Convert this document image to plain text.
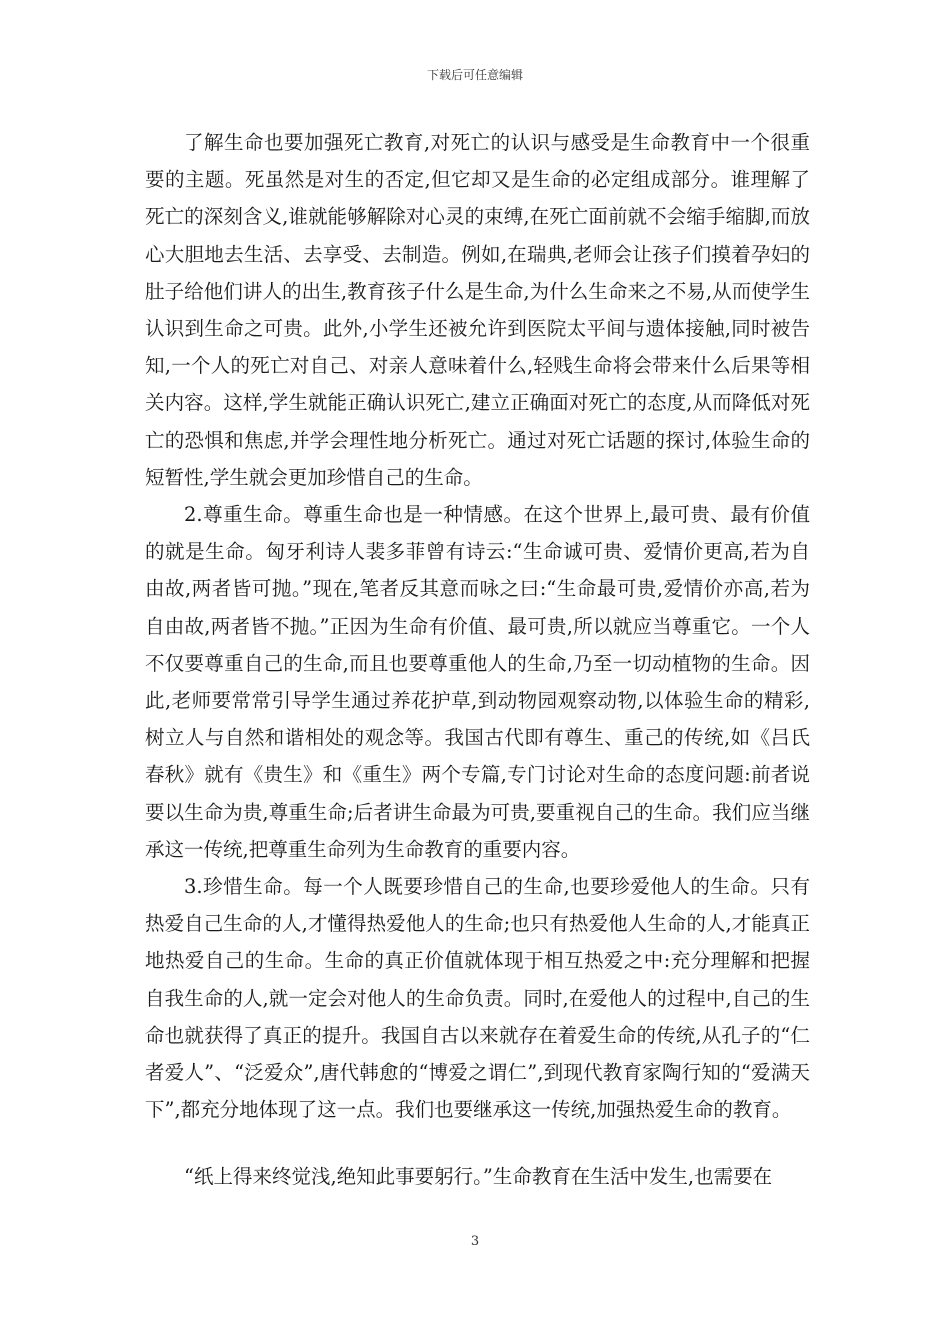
下载后可任意编辑

了解生命也要加强死亡教育,对死亡的认识与感受是生命教育中一个很重要的主题。死虽然是对生的否定,但它却又是生命的必定组成部分。谁理解了死亡的深刻含义,谁就能够解除对心灵的束缚,在死亡面前就不会缩手缩脚,而放心大胆地去生活、去享受、去制造。例如,在瑞典,老师会让孩子们摸着孕妇的肚子给他们讲人的出生,教育孩子什么是生命,为什么生命来之不易,从而使学生认识到生命之可贵。此外,小学生还被允许到医院太平间与遗体接触,同时被告知,一个人的死亡对自己、对亲人意味着什么,轻贱生命将会带来什么后果等相关内容。这样,学生就能正确认识死亡,建立正确面对死亡的态度,从而降低对死亡的恐惧和焦虑,并学会理性地分析死亡。通过对死亡话题的探讨,体验生命的短暂性,学生就会更加珍惜自己的生命。

2.尊重生命。尊重生命也是一种情感。在这个世界上,最可贵、最有价值的就是生命。匈牙利诗人裴多菲曾有诗云:“生命诚可贵、爱情价更高,若为自由故,两者皆可抛。”现在,笔者反其意而咏之曰:“生命最可贵,爱情价亦高,若为自由故,两者皆不抛。”正因为生命有价值、最可贵,所以就应当尊重它。一个人不仅要尊重自己的生命,而且也要尊重他人的生命,乃至一切动植物的生命。因此,老师要常常引导学生通过养花护草,到动物园观察动物,以体验生命的精彩,树立人与自然和谐相处的观念等。我国古代即有尊生、重己的传统,如《吕氏春秋》就有《贵生》和《重生》两个专篇,专门讨论对生命的态度问题:前者说要以生命为贵,尊重生命;后者讲生命最为可贵,要重视自己的生命。我们应当继承这一传统,把尊重生命列为生命教育的重要内容。

3.珍惜生命。每一个人既要珍惜自己的生命,也要珍爱他人的生命。只有热爱自己生命的人,才懂得热爱他人的生命;也只有热爱他人生命的人,才能真正地热爱自己的生命。生命的真正价值就体现于相互热爱之中:充分理解和把握自我生命的人,就一定会对他人的生命负责。同时,在爱他人的过程中,自己的生命也就获得了真正的提升。我国自古以来就存在着爱生命的传统,从孔子的“仁者爱人”、“泛爱众”,唐代韩愈的“博爱之谓仁”,到现代教育家陶行知的“爱满天下”,都充分地体现了这一点。我们也要继承这一传统,加强热爱生命的教育。

“纸上得来终觉浅,绝知此事要躬行。”生命教育在生活中发生,也需要在

3
